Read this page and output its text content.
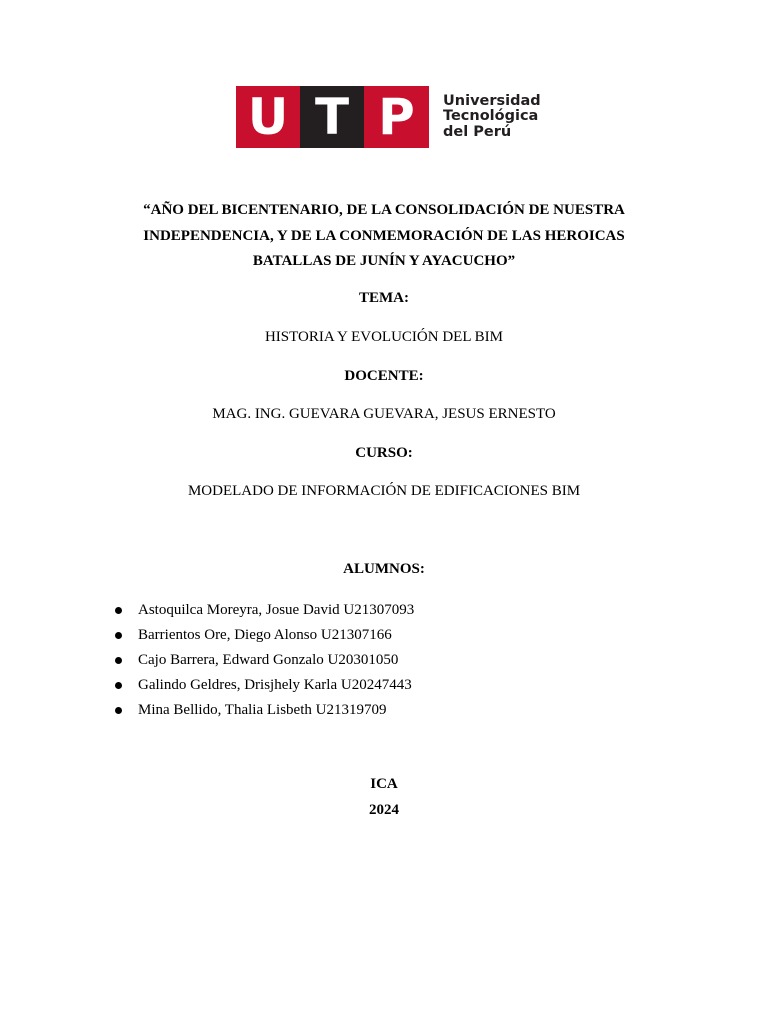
U T P	Universidad
Tecnológica
del Perú
“AÑO DEL BICENTENARIO, DE LA CONSOLIDACIÓN DE NUESTRA
INDEPENDENCIA, Y DE LA CONMEMORACIÓN DE LAS HEROICAS
BATALLAS DE JUNÍN Y AYACUCHO”
TEMA:
HISTORIA Y EVOLUCIÓN DEL BIM
DOCENTE:
MAG. ING. GUEVARA GUEVARA, JESUS ERNESTO
CURSO:
MODELADO DE INFORMACIÓN DE EDIFICACIONES BIM
ALUMNOS:
Astoquilca Moreyra, Josue David U21307093
Barrientos Ore, Diego Alonso U21307166
Cajo Barrera, Edward Gonzalo U20301050
Galindo Geldres, Drisjhely Karla U20247443
Mina Bellido, Thalia Lisbeth U21319709
ICA
2024
